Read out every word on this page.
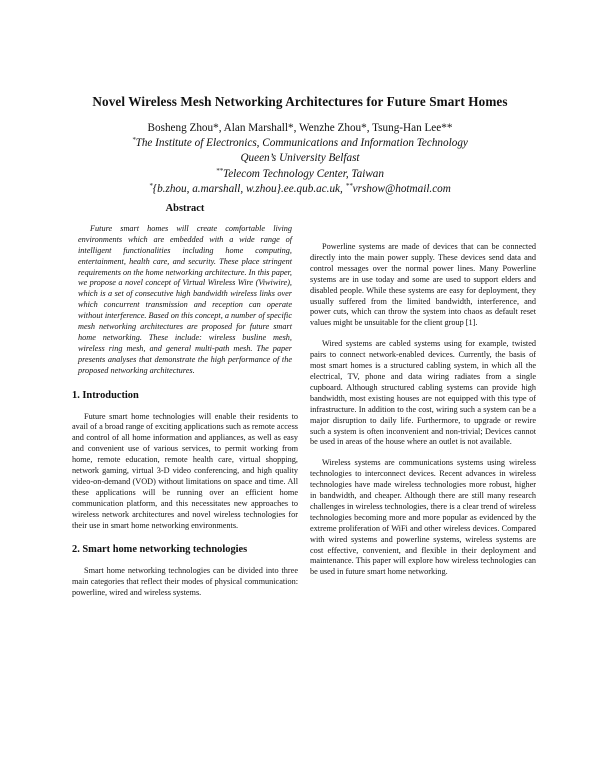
Novel Wireless Mesh Networking Architectures for Future Smart Homes
Bosheng Zhou*, Alan Marshall*, Wenzhe Zhou*, Tsung-Han Lee**
*The Institute of Electronics, Communications and Information Technology
Queen’s University Belfast
**Telecom Technology Center, Taiwan
*{b.zhou, a.marshall, w.zhou}.ee.qub.ac.uk, **vrshow@hotmail.com
Abstract

Future smart homes will create comfortable living environments which are embedded with a wide range of intelligent functionalities including home computing, entertainment, health care, and security. These place stringent requirements on the home networking architecture. In this paper, we propose a novel concept of Virtual Wireless Wire (Viwiwire), which is a set of consecutive high bandwidth wireless links over which concurrent transmission and reception can operate without interference. Based on this concept, a number of specific mesh networking architectures are proposed for future smart home networking. These include: wireless busline mesh, wireless ring mesh, and general multi-path mesh. The paper presents analyses that demonstrate the high performance of the proposed networking architectures.

1. Introduction

Future smart home technologies will enable their residents to avail of a broad range of exciting applications such as remote access and control of all home information and appliances, as well as easy and convenient use of various services, to permit working from home, remote education, remote health care, virtual shopping, network gaming, virtual 3-D video conferencing, and high quality video-on-demand (VOD) without limitations on space and time. All these applications will be running over an efficient home communication platform, and this necessitates new approaches to wireless network architectures and novel wireless technologies for their use in smart home networking environments.

2. Smart home networking technologies

Smart home networking technologies can be divided into three main categories that reflect their modes of physical communication: powerline, wired and wireless systems.

Powerline systems are made of devices that can be connected directly into the main power supply. These devices send data and control messages over the normal power lines. Many Powerline systems are in use today and some are used to support elders and disabled people. While these systems are easy for deployment, they usually suffered from the limited bandwidth, interference, and power cuts, which can throw the system into chaos as default reset values might be unsuitable for the client group [1].

Wired systems are cabled systems using for example, twisted pairs to connect network-enabled devices. Currently, the basis of most smart homes is a structured cabling system, in which all the electrical, TV, phone and data wiring radiates from a single cupboard. Although structured cabling systems can provide high bandwidth, most existing houses are not equipped with this type of infrastructure. In addition to the cost, wiring such a system can be a major disruption to daily life. Furthermore, to upgrade or rewire such a system is often inconvenient and non-trivial; Devices cannot be used in areas of the house where an outlet is not available.

Wireless systems are communications systems using wireless technologies to interconnect devices. Recent advances in wireless technologies have made wireless technologies more robust, higher in bandwidth, and cheaper. Although there are still many research challenges in wireless technologies, there is a clear trend of wireless technologies becoming more and more popular as evidenced by the extreme proliferation of WiFi and other wireless devices. Compared with wired systems and powerline systems, wireless systems are cost effective, convenient, and flexible in their deployment and maintenance. This paper will explore how wireless technologies can be used in future smart home networking.
